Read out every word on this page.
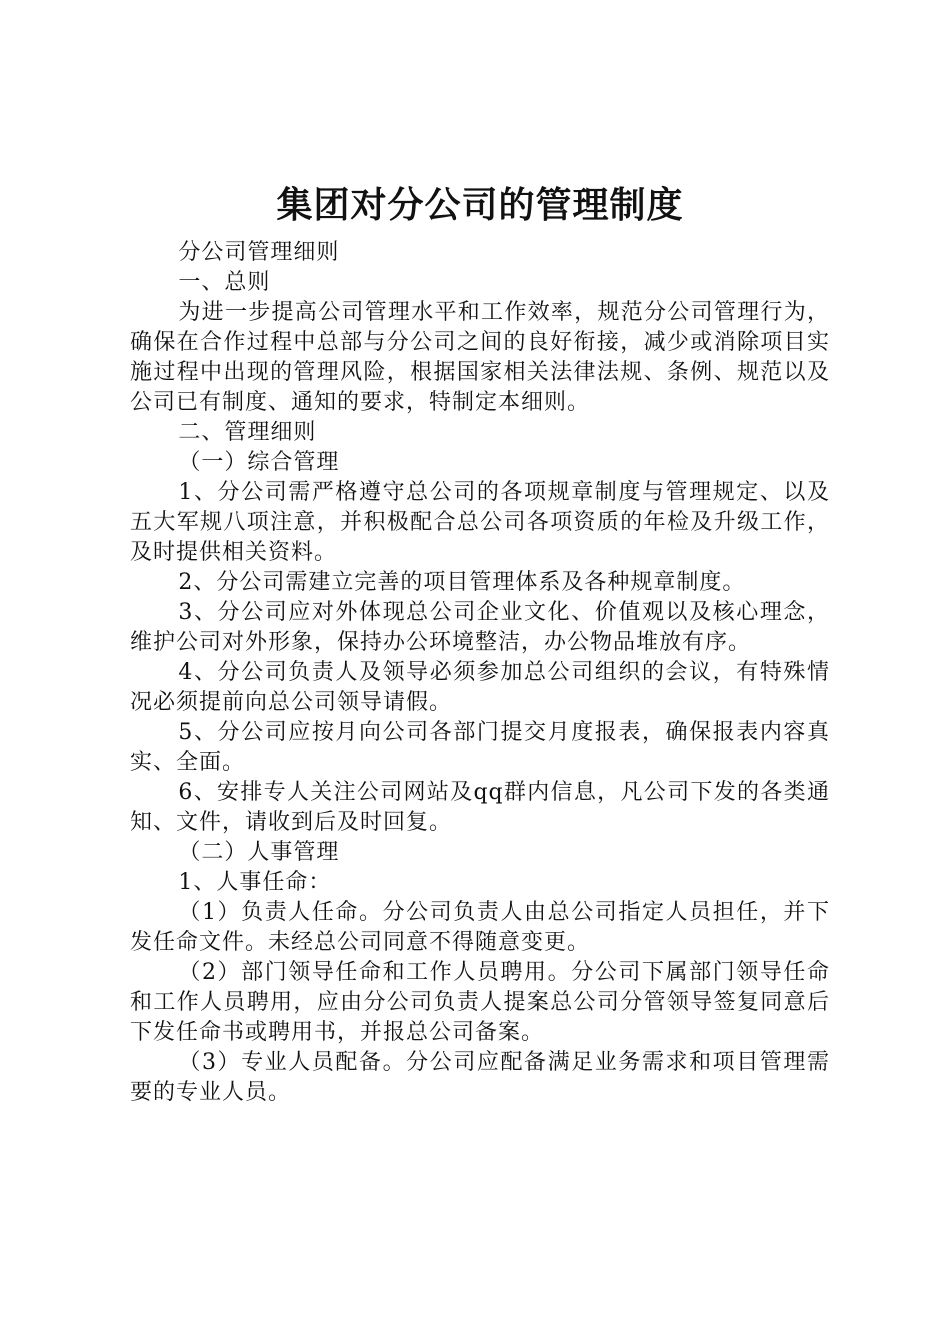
集团对分公司的管理制度

分公司管理细则

一、总则

为进一步提高公司管理水平和工作效率，规范分公司管理行为，确保在合作过程中总部与分公司之间的良好衔接，减少或消除项目实施过程中出现的管理风险，根据国家相关法律法规、条例、规范以及公司已有制度、通知的要求，特制定本细则。

二、管理细则

（一）综合管理

1、分公司需严格遵守总公司的各项规章制度与管理规定、以及五大军规八项注意，并积极配合总公司各项资质的年检及升级工作，及时提供相关资料。

2、分公司需建立完善的项目管理体系及各种规章制度。

3、分公司应对外体现总公司企业文化、价值观以及核心理念，维护公司对外形象，保持办公环境整洁，办公物品堆放有序。

4、分公司负责人及领导必须参加总公司组织的会议，有特殊情况必须提前向总公司领导请假。

5、分公司应按月向公司各部门提交月度报表，确保报表内容真实、全面。

6、安排专人关注公司网站及qq群内信息，凡公司下发的各类通知、文件，请收到后及时回复。

（二）人事管理

1、人事任命：

（1）负责人任命。分公司负责人由总公司指定人员担任，并下发任命文件。未经总公司同意不得随意变更。

（2）部门领导任命和工作人员聘用。分公司下属部门领导任命和工作人员聘用，应由分公司负责人提案总公司分管领导签复同意后下发任命书或聘用书，并报总公司备案。

（3）专业人员配备。分公司应配备满足业务需求和项目管理需要的专业人员。
